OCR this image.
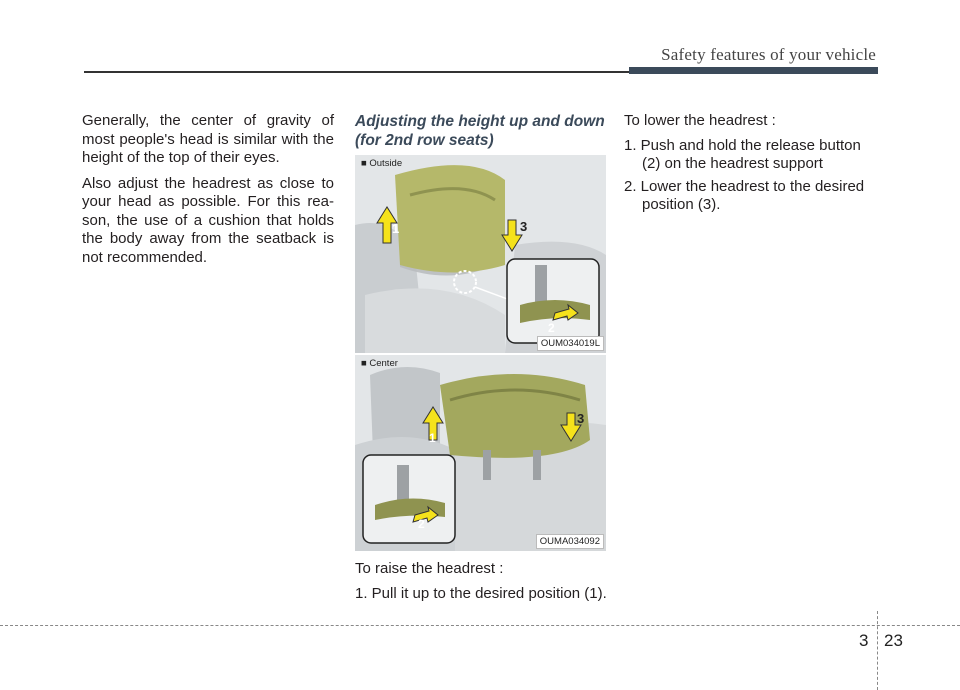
Safety features of your vehicle

Generally, the center of gravity of most people's head is similar with the height of the top of their eyes.

Also adjust the headrest as close to your head as possible. For this rea-son, the use of a cushion that holds the body away from the seatback is not recommended.

Adjusting the height up and down (for 2nd row seats)
■ Outside
1	3
2
OUM034019L
■ Center
1
3
2
OUMA034092

To raise the headrest :

1. Pull it up to the desired position (1).

To lower the headrest :

1. Push and hold the release button (2) on the headrest support

2. Lower the headrest to the desired position (3).

3 23
